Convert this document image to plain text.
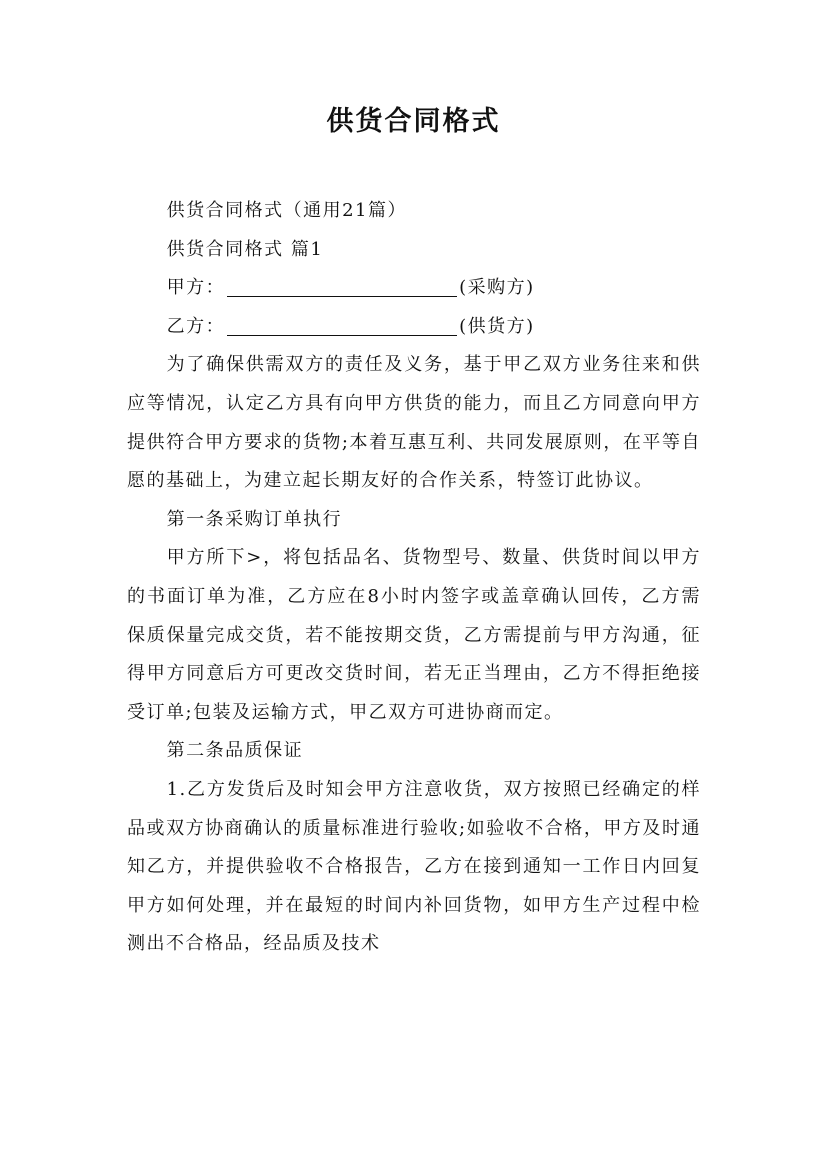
供货合同格式

供货合同格式（通用21篇）

供货合同格式 篇1

甲方：	(采购方)

乙方：	(供货方)

为了确保供需双方的责任及义务，基于甲乙双方业务往来和供应等情况，认定乙方具有向甲方供货的能力，而且乙方同意向甲方提供符合甲方要求的货物;本着互惠互利、共同发展原则，在平等自愿的基础上，为建立起长期友好的合作关系，特签订此协议。

第一条采购订单执行

甲方所下>，将包括品名、货物型号、数量、供货时间以甲方的书面订单为准，乙方应在8小时内签字或盖章确认回传，乙方需保质保量完成交货，若不能按期交货，乙方需提前与甲方沟通，征得甲方同意后方可更改交货时间，若无正当理由，乙方不得拒绝接受订单;包装及运输方式，甲乙双方可进协商而定。

第二条品质保证

1.乙方发货后及时知会甲方注意收货，双方按照已经确定的样品或双方协商确认的质量标准进行验收;如验收不合格，甲方及时通知乙方，并提供验收不合格报告，乙方在接到通知一工作日内回复甲方如何处理，并在最短的时间内补回货物，如甲方生产过程中检测出不合格品，经品质及技术
